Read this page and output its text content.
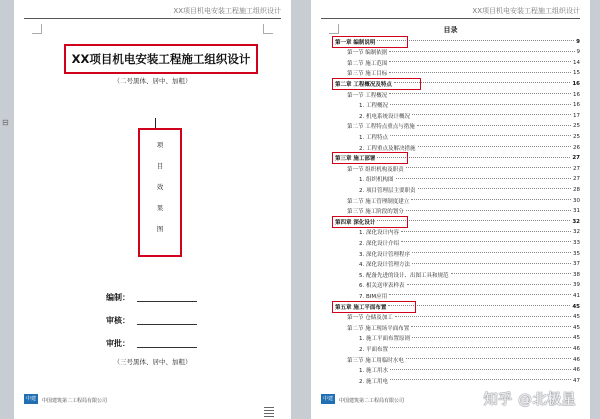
XX项目机电安装工程施工组织设计
XX项目机电安装工程施工组织设计
（二号黑体、居中、加粗）
项
目
效
果
图
编制：
审核：
审批：
（三号黑体、居中、加粗）
中建	中国建筑第二工程局有限公司
⊟
XX项目机电安装工程施工组织设计
目录
第一章 编制说明	9
第一节 编制依据	9
第二节 施工范围	14
第三节 施工目标	15
第二章 工程概况及特点	16
第一节 工程概况	16
1. 工程概况	16
2. 机电系统设计概况	17
第二节 工程特点重点与措施	25
1. 工程特点	25
2. 工程重点及解决措施	26
第三章 施工部署	27
第一节 组织机构及职责	27
1. 组织机构图	27
2. 项目管理层主要职责	28
第二节 施工管理制度建立	30
第三节 施工阶段的划分	31
第四章 深化设计	32
1. 深化设计内容	32
2. 深化设计介绍	33
3. 深化设计管理程序	35
4. 深化设计管理方法	37
5. 配备先进的设计、出图工具和规范	38
6. 相关送审表样表	39
7. BIM应用	41
第五章 施工平面布置	45
第一节 仓储及加工	45
第二节 施工现场平面布置	45
1. 施工平面布置原则	45
2. 平面布置	46
第三节 施工用临时水电	46
1. 施工用水	46
2. 施工用电	47
中建	中国建筑第二工程局有限公司	知乎 @北极星
